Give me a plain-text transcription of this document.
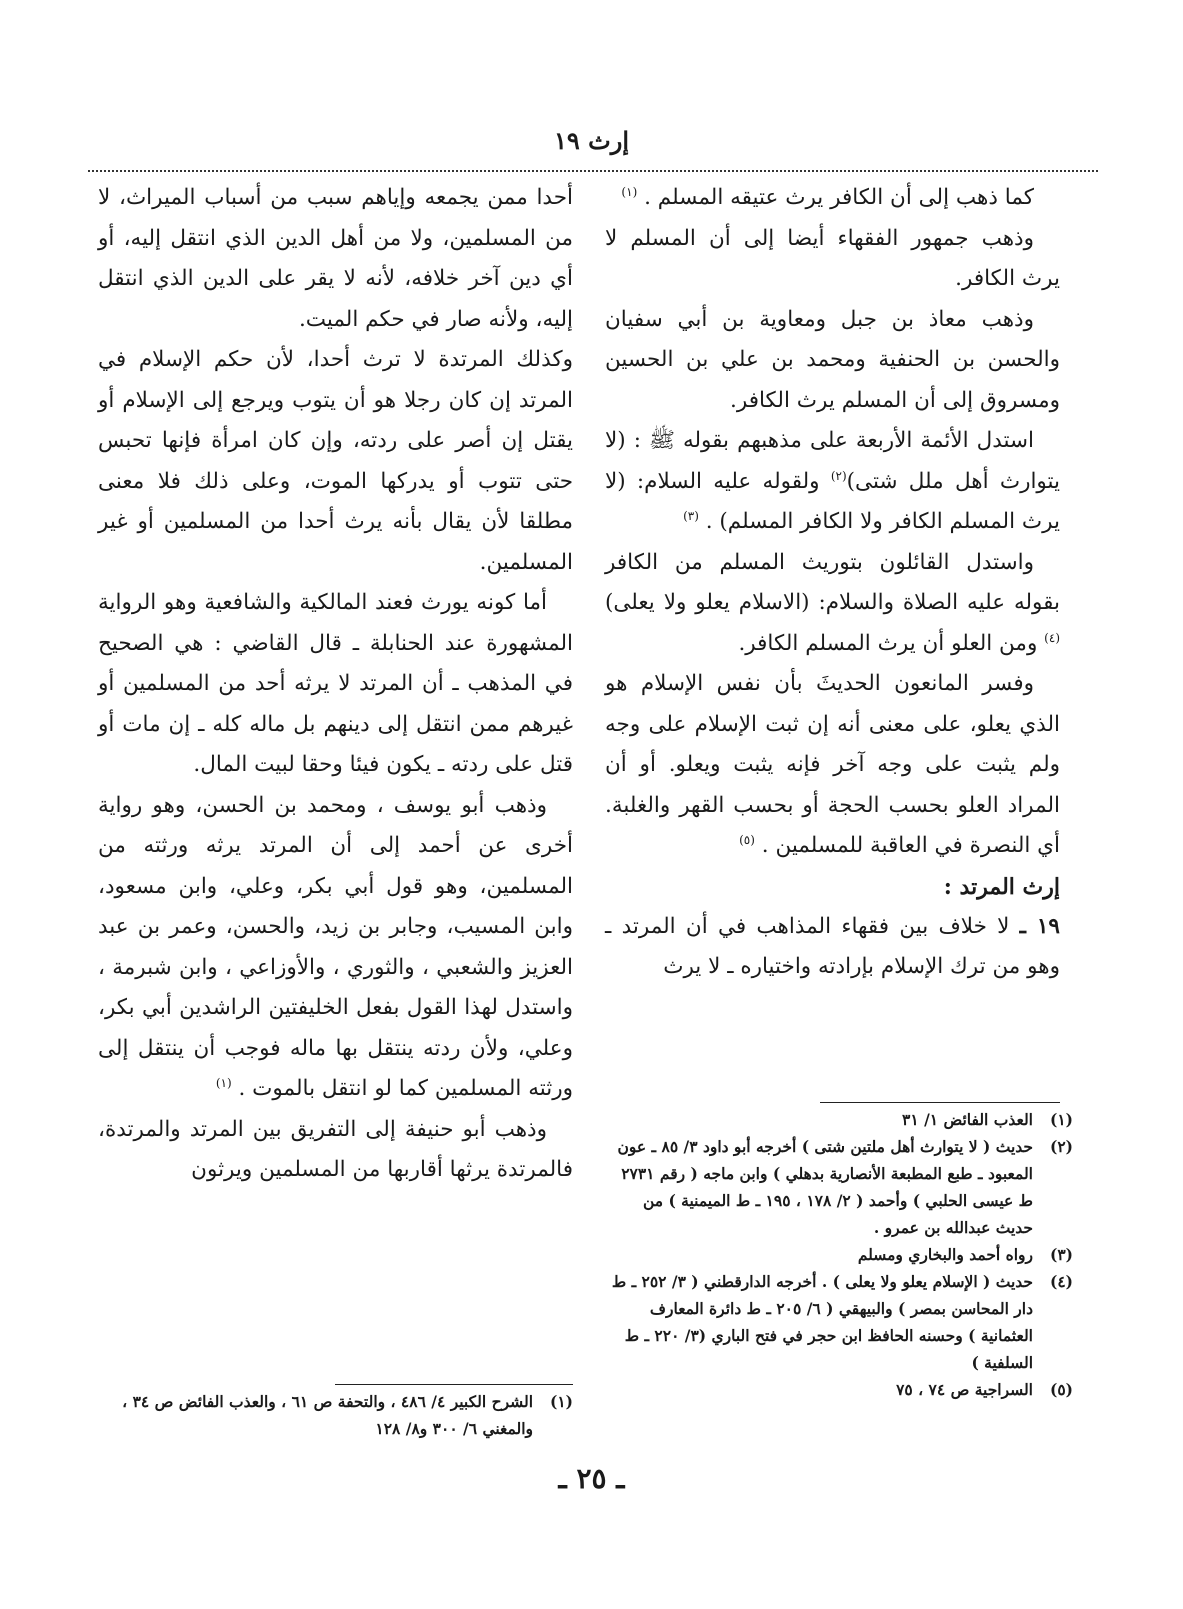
إرث ١٩

كما ذهب إلى أن الكافر يرث عتيقه المسلم . $^{(١)}$

وذهب جمهور الفقهاء أيضا إلى أن المسلم لا يرث الكافر.

وذهب معاذ بن جبل ومعاوية بن أبي سفيان والحسن بن الحنفية ومحمد بن علي بن الحسين ومسروق إلى أن المسلم يرث الكافر.

استدل الأئمة الأربعة على مذهبهم بقوله ﷺ : (لا يتوارث أهل ملل شتى)$^{(٢)}$ ولقوله عليه السلام: (لا يرث المسلم الكافر ولا الكافر المسلم) . $^{(٣)}$

واستدل القائلون بتوريث المسلم من الكافر بقوله عليه الصلاة والسلام: (الاسلام يعلو ولا يعلى) $^{(٤)}$ ومن العلو أن يرث المسلم الكافر.

وفسر المانعون الحديثَ بأن نفس الإسلام هو الذي يعلو، على معنى أنه إن ثبت الإسلام على وجه ولم يثبت على وجه آخر فإنه يثبت ويعلو. أو أن المراد العلو بحسب الحجة أو بحسب القهر والغلبة. أي النصرة في العاقبة للمسلمين . $^{(٥)}$

إرث المرتد :

١٩ ـ لا خلاف بين فقهاء المذاهب في أن المرتد ـ وهو من ترك الإسلام بإرادته واختياره ـ لا يرث

أحدا ممن يجمعه وإياهم سبب من أسباب الميراث، لا من المسلمين، ولا من أهل الدين الذي انتقل إليه، أو أي دين آخر خلافه، لأنه لا يقر على الدين الذي انتقل إليه، ولأنه صار في حكم الميت.

وكذلك المرتدة لا ترث أحدا، لأن حكم الإسلام في المرتد إن كان رجلا هو أن يتوب ويرجع إلى الإسلام أو يقتل إن أصر على ردته، وإن كان امرأة فإنها تحبس حتى تتوب أو يدركها الموت، وعلى ذلك فلا معنى مطلقا لأن يقال بأنه يرث أحدا من المسلمين أو غير المسلمين.

أما كونه يورث فعند المالكية والشافعية وهو الرواية المشهورة عند الحنابلة ـ قال القاضي : هي الصحيح في المذهب ـ أن المرتد لا يرثه أحد من المسلمين أو غيرهم ممن انتقل إلى دينهم بل ماله كله ـ إن مات أو قتل على ردته ـ يكون فيئا وحقا لبيت المال.

وذهب أبو يوسف ، ومحمد بن الحسن، وهو رواية أخرى عن أحمد إلى أن المرتد يرثه ورثته من المسلمين، وهو قول أبي بكر، وعلي، وابن مسعود، وابن المسيب، وجابر بن زيد، والحسن، وعمر بن عبد العزيز والشعبي ، والثوري ، والأوزاعي ، وابن شبرمة ، واستدل لهذا القول بفعل الخليفتين الراشدين أبي بكر، وعلي، ولأن ردته ينتقل بها ماله فوجب أن ينتقل إلى ورثته المسلمين كما لو انتقل بالموت . $^{(١)}$

وذهب أبو حنيفة إلى التفريق بين المرتد والمرتدة، فالمرتدة يرثها أقاربها من المسلمين ويرثون

(١)
العذب الفائض ١/ ٣١
(٢)
حديث ( لا يتوارث أهل ملتين شتى ) أخرجه أبو داود ٣/ ٨٥ ـ عون المعبود ـ طبع المطبعة الأنصارية بدهلي ) وابن ماجه ( رقم ٢٧٣١ ط عيسى الحلبي ) وأحمد ( ٢/ ١٧٨ ، ١٩٥ ـ ط الميمنية ) من حديث عبدالله بن عمرو .
(٣)
رواه أحمد والبخاري ومسلم
(٤)
حديث ( الإسلام يعلو ولا يعلى ) . أخرجه الدارقطني ( ٣/ ٢٥٢ ـ ط دار المحاسن بمصر ) والبيهقي ( ٦/ ٢٠٥ ـ ط دائرة المعارف العثمانية ) وحسنه الحافظ ابن حجر في فتح الباري (٣/ ٢٢٠ ـ ط السلفية )
(٥)
السراجية ص ٧٤ ، ٧٥
(١)
الشرح الكبير ٤/ ٤٨٦ ، والتحفة ص ٦١ ، والعذب الفائض ص ٣٤ ، والمغني ٦/ ٣٠٠ و٨/ ١٢٨
ـ ٢٥ ـ
